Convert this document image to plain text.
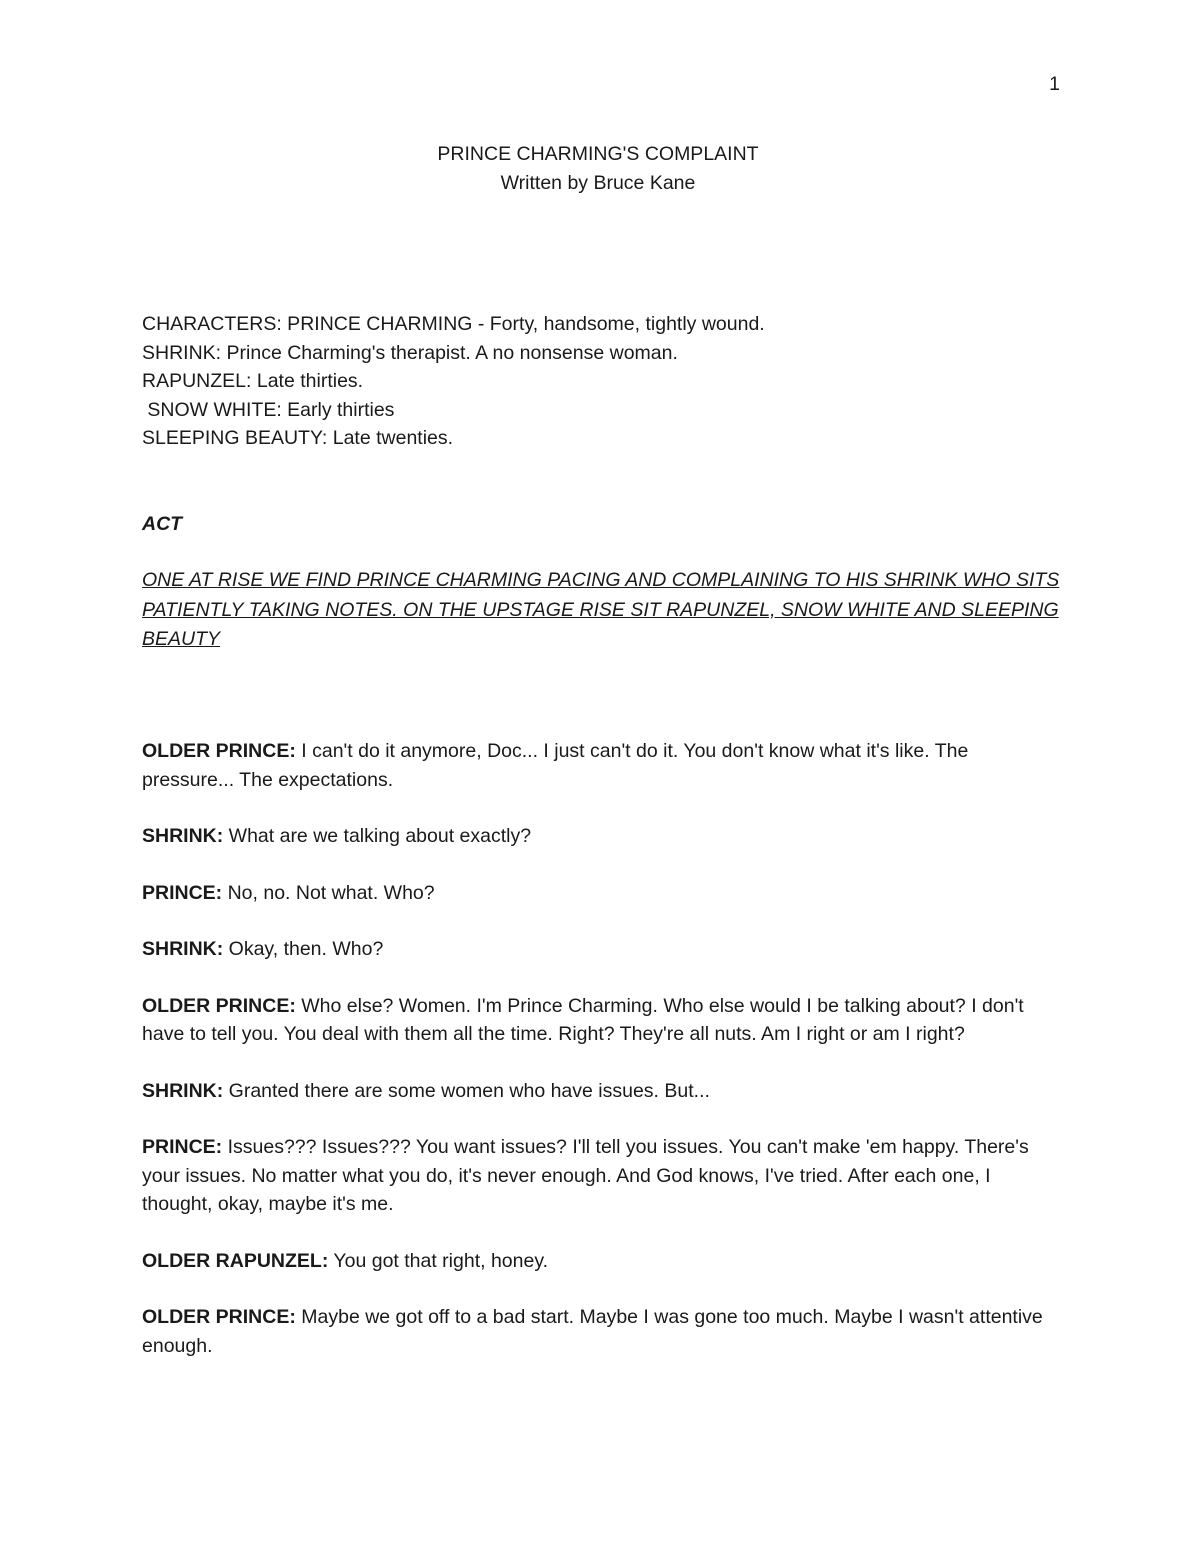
1
PRINCE CHARMING'S COMPLAINT
Written by Bruce Kane
CHARACTERS: PRINCE CHARMING - Forty, handsome, tightly wound.
SHRINK: Prince Charming's therapist. A no nonsense woman.
RAPUNZEL: Late thirties.
SNOW WHITE: Early thirties
SLEEPING BEAUTY: Late twenties.
ACT
ONE AT RISE WE FIND PRINCE CHARMING PACING AND COMPLAINING TO HIS SHRINK WHO SITS PATIENTLY TAKING NOTES. ON THE UPSTAGE RISE SIT RAPUNZEL, SNOW WHITE AND SLEEPING BEAUTY

OLDER PRINCE: I can't do it anymore, Doc... I just can't do it. You don't know what it's like. The pressure... The expectations.

SHRINK: What are we talking about exactly?

PRINCE: No, no. Not what. Who?

SHRINK: Okay, then. Who?

OLDER PRINCE: Who else? Women. I'm Prince Charming. Who else would I be talking about? I don't have to tell you. You deal with them all the time. Right? They're all nuts. Am I right or am I right?

SHRINK: Granted there are some women who have issues. But...

PRINCE: Issues??? Issues??? You want issues? I'll tell you issues. You can't make 'em happy. There's your issues. No matter what you do, it's never enough. And God knows, I've tried. After each one, I thought, okay, maybe it's me.

OLDER RAPUNZEL: You got that right, honey.

OLDER PRINCE: Maybe we got off to a bad start. Maybe I was gone too much. Maybe I wasn't attentive enough.
